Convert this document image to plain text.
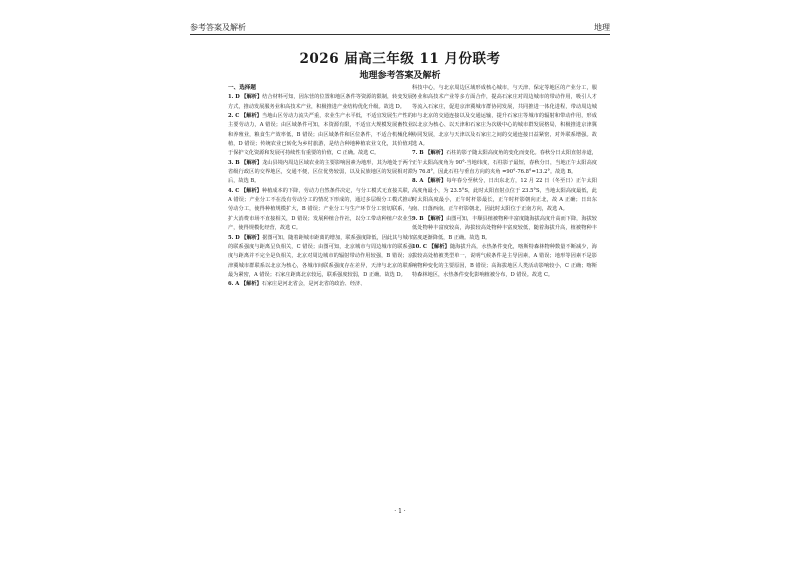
参考答案及解析	地理
2026 届高三年级 11 月份联考
地理参考答案及解析

一、选择题

1. D 【解析】结合材料可知，因东营的位置和地区条件等资源的限制，转变发展方式，推动发展服务业和高技术产业，积极推进产业结构优化升级。故选 D。

2. C 【解析】当地山区劳动力流失严重，农业生产水平低，不适宜发展生产性的主要劳动力，A 错误；由区域条件可知，本资源有限，不适宜大规模发展畜牧业和养殖业，粮食生产效率低，B 错误；由区域条件和区位条件，不适合机械化种植，D 错误；传统农业已转化为乡村旅游，是结合种地种植农业文化，其价值对于保护文化资源和发展可持续性有重要的价值，C 正确。故选 C。

3. B 【解析】龙山县境内周边区域农业的主要影响因素为地形，其为地处于两个省级行政区的交界地区，交通不便，区位优势较弱，以及民族地区的发展相对滞后，故选 B。

4. C 【解析】种植成本的下降，劳动力自然条件决定，与分工模式无直接关联，A 错误；产业分工不在没有劳动分工的情况下形成的，通过多层级分工模式推动劳动分工，使得种植规模扩大，B 错误；产业分工与生产环节分工密切联系，与扩大消费市场不直接相关，D 错误；发展种植合作社，以分工带动种植户农业生产，使得规模化经营，故选 C。

5. D 【解析】据图可知，随着距城市距离的增加，联系强度降低，因此其与城市的联系强度与距离呈负相关，C 错误；由图可知，北京城市与周边城市的联系强度与距离并不完全是负相关，北京对周边城市的辐射带动作用较强，B 错误；京津冀城市群联系以北京为核心，各城市间联系强度存在差异，天津与北京的联系最为紧密，A 错误；石家庄距离北京较远，联系强度较弱，D 正确。故选 D。

6. A 【解析】石家庄是河北省会，是河北省的政治、经济、

科技中心，与北京周边区域形成核心城市，与天津、保定等地区的产业分工，服务业和高技术产业等多方面合作，提高石家庄对周边城市的带动作用，吸引人才等流入石家庄，促进京津冀城市群协同发展，共同推进一体化进程，带动周边城市与北京的交通连接以及交通运输，提升石家庄等城市的辐射和带动作用，形成以北京为核心、以天津和石家庄为次级中心的城市群发展格局，积极推进京津冀协同发展，北京与天津以及石家庄之间的交通连接日益紧密，对外联系增强。故选 A。

7. B 【解析】石柱的影子随太阳高度角的变化而变化。春秋分日太阳直射赤道，正午太阳高度角为 90°-当地纬度，石柱影子最短，春秋分日，当地正午太阳高度为 76.8°，因此石柱与垂直方向的夹角 =90°-76.8°=13.2°。故选 B。

8. A 【解析】每年春分至秋分，日出东北方，12 月 22 日（冬至日）正午太阳高度角最小，为 23.5°S，此时太阳直射点位于 23.5°S，当地太阳高度最低，此时太阳高度最小，正午时杆影最长，正午时杆影朝向正北，故 A 正确；日出东南、日落西南，正午杆影朝北，因此时太阳位于正南方向，故选 A。

9. B 【解析】由图可知，丰顺县植被物种丰富度随海拔高度升高而下降，海拔较低处物种丰富度较高，海拔较高处物种丰富度较低，随着海拔升高，植被物种丰富度逐渐降低，B 正确。故选 B。

10. C 【解析】随海拔升高，水热条件变化，喀斯特森林物种数量不断减少，海拔较高处植被类型单一，说明气候条件是主导因素，A 错误；地形等因素不是影响物种变化的主要原因，B 错误；高海拔地区人类活动影响较小，C 正确；喀斯特森林地区，水热条件变化影响植被分布，D 错误。故选 C。

· 1 ·
